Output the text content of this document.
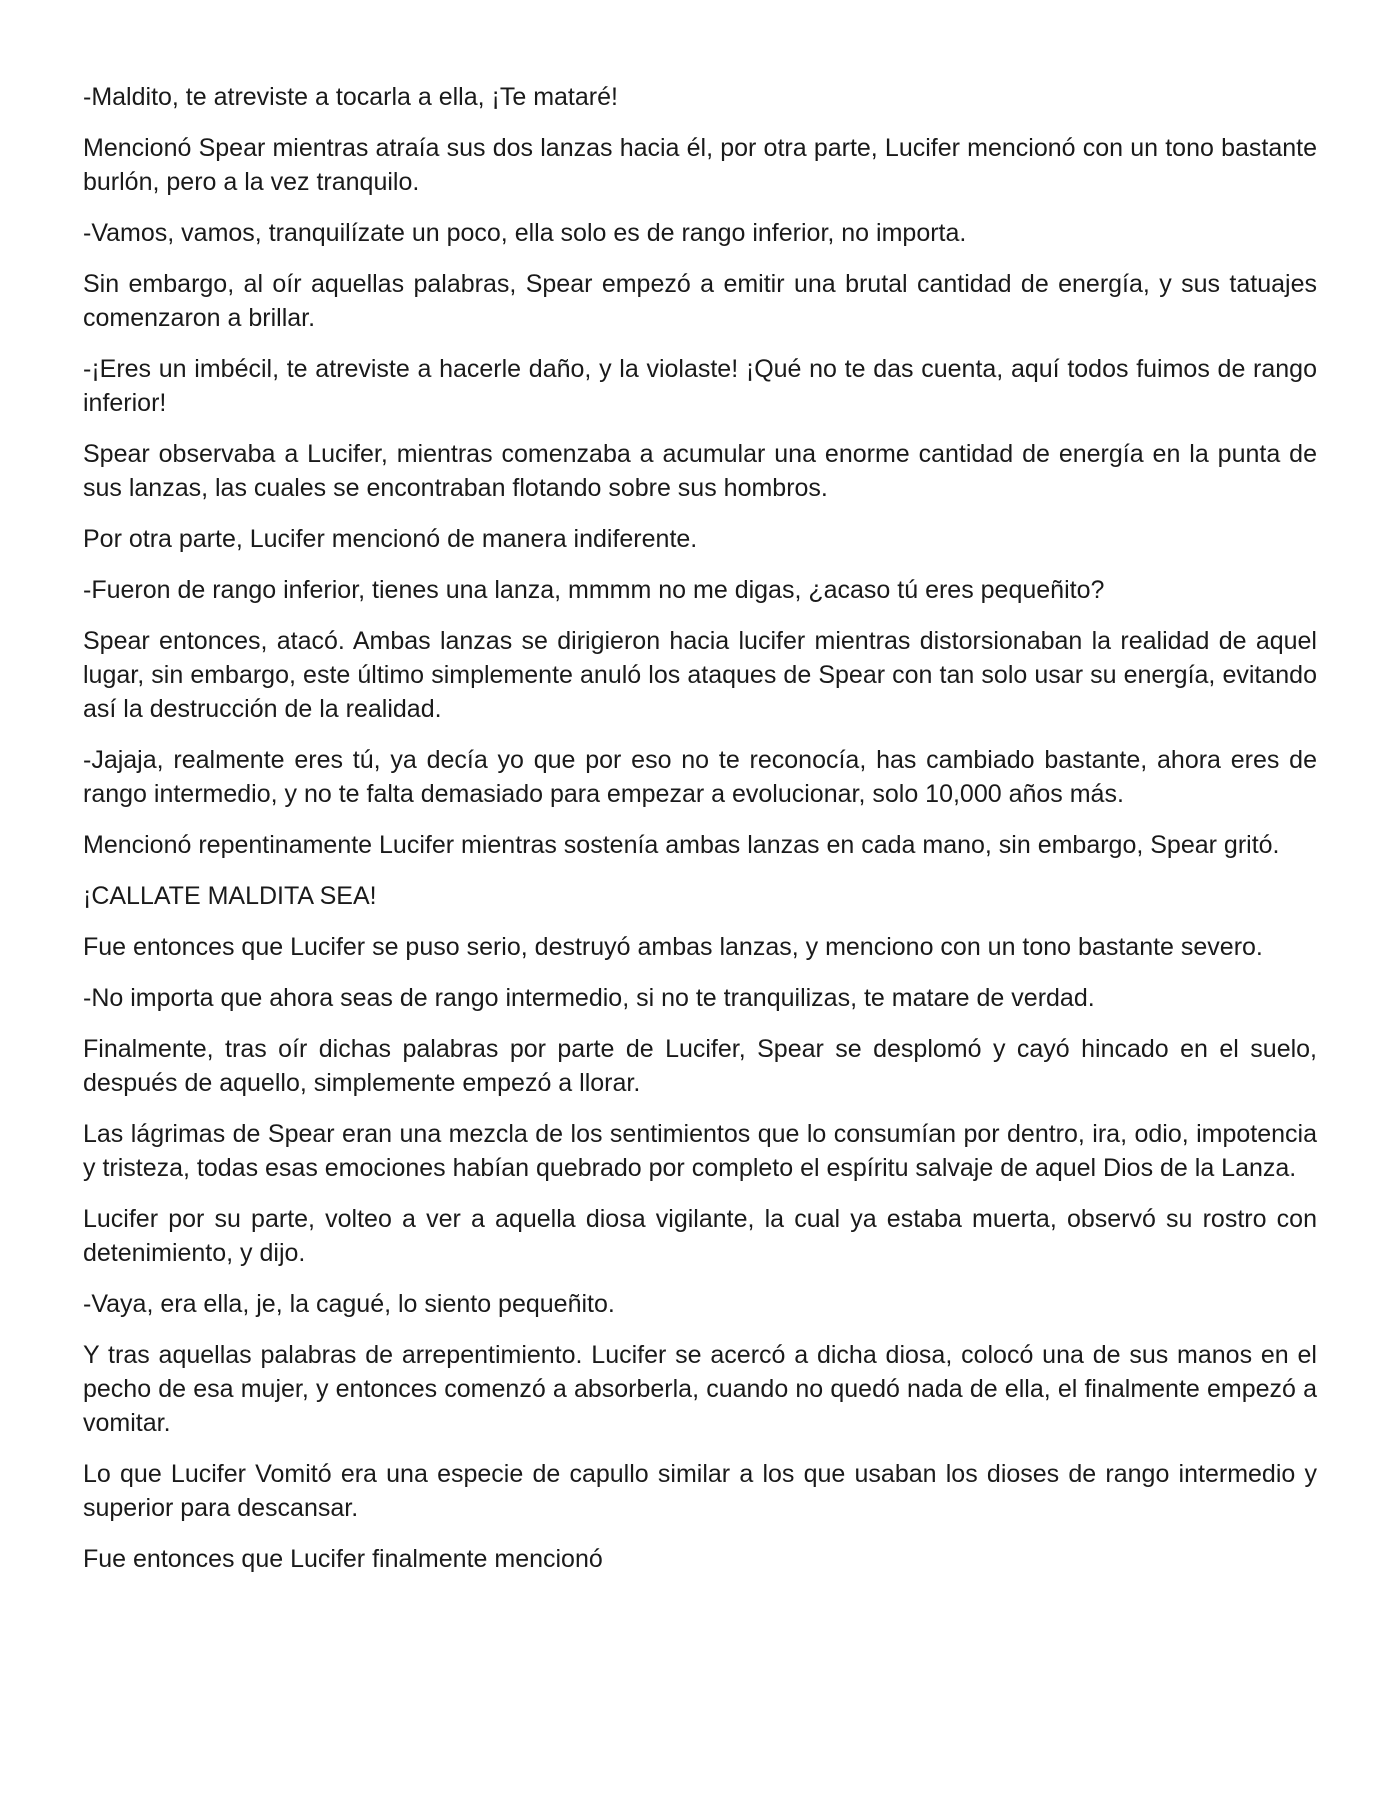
-Maldito, te atreviste a tocarla a ella, ¡Te mataré!

Mencionó Spear mientras atraía sus dos lanzas hacia él, por otra parte, Lucifer mencionó con un tono bastante burlón, pero a la vez tranquilo.

-Vamos, vamos, tranquilízate un poco, ella solo es de rango inferior, no importa.

Sin embargo, al oír aquellas palabras, Spear empezó a emitir una brutal cantidad de energía, y sus tatuajes comenzaron a brillar.

-¡Eres un imbécil, te atreviste a hacerle daño, y la violaste! ¡Qué no te das cuenta, aquí todos fuimos de rango inferior!

Spear observaba a Lucifer, mientras comenzaba a acumular una enorme cantidad de energía en la punta de sus lanzas, las cuales se encontraban flotando sobre sus hombros.

Por otra parte, Lucifer mencionó de manera indiferente.

-Fueron de rango inferior, tienes una lanza, mmmm no me digas, ¿acaso tú eres pequeñito?

Spear entonces, atacó. Ambas lanzas se dirigieron hacia lucifer mientras distorsionaban la realidad de aquel lugar, sin embargo, este último simplemente anuló los ataques de Spear con tan solo usar su energía, evitando así la destrucción de la realidad.

-Jajaja, realmente eres tú, ya decía yo que por eso no te reconocía, has cambiado bastante, ahora eres de rango intermedio, y no te falta demasiado para empezar a evolucionar, solo 10,000 años más.

Mencionó repentinamente Lucifer mientras sostenía ambas lanzas en cada mano, sin embargo, Spear gritó.

¡CALLATE MALDITA SEA!

Fue entonces que Lucifer se puso serio, destruyó ambas lanzas, y menciono con un tono bastante severo.

-No importa que ahora seas de rango intermedio, si no te tranquilizas, te matare de verdad.

Finalmente, tras oír dichas palabras por parte de Lucifer, Spear se desplomó y cayó hincado en el suelo, después de aquello, simplemente empezó a llorar.

Las lágrimas de Spear eran una mezcla de los sentimientos que lo consumían por dentro, ira, odio, impotencia y tristeza, todas esas emociones habían quebrado por completo el espíritu salvaje de aquel Dios de la Lanza.

Lucifer por su parte, volteo a ver a aquella diosa vigilante, la cual ya estaba muerta, observó su rostro con detenimiento, y dijo.

-Vaya, era ella, je, la cagué, lo siento pequeñito.

Y tras aquellas palabras de arrepentimiento. Lucifer se acercó a dicha diosa, colocó una de sus manos en el pecho de esa mujer, y entonces comenzó a absorberla, cuando no quedó nada de ella, el finalmente empezó a vomitar.

Lo que Lucifer Vomitó era una especie de capullo similar a los que usaban los dioses de rango intermedio y superior para descansar.

Fue entonces que Lucifer finalmente mencionó
